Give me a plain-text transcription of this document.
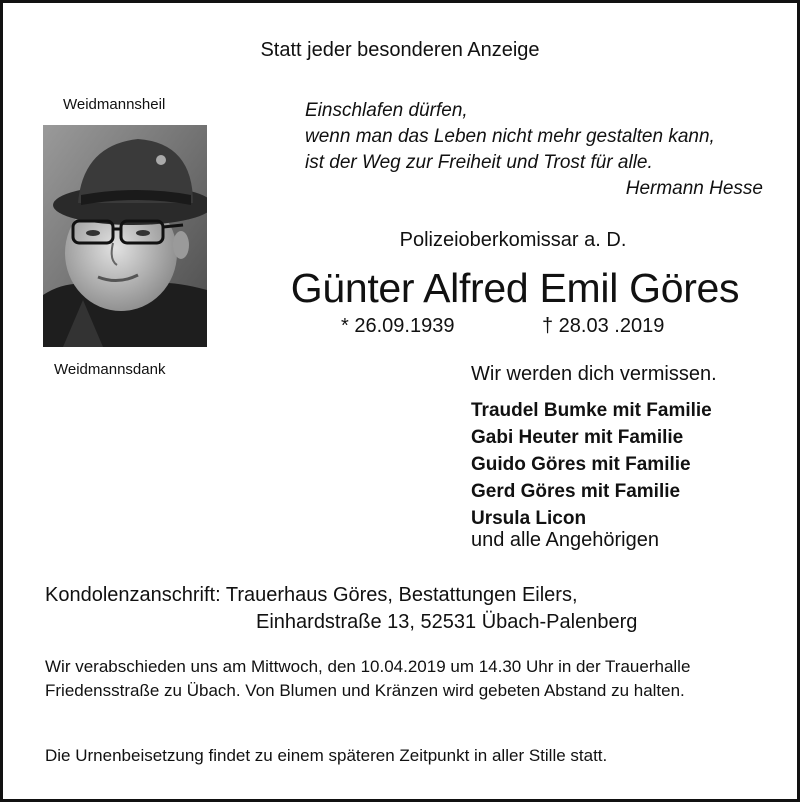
Statt jeder besonderen Anzeige
Weidmannsheil
Weidmannsdank
Einschlafen dürfen,
wenn man das Leben nicht mehr gestalten kann,
ist der Weg zur Freiheit und Trost für alle.
Hermann Hesse
Polizeioberkomissar a. D.
Günter Alfred Emil Göres
* 26.09.1939	† 28.03 .2019
Wir werden dich vermissen.
Traudel Bumke mit Familie
Gabi Heuter mit Familie
Guido Göres mit Familie
Gerd Göres mit Familie
Ursula Licon
und alle Angehörigen
Kondolenzanschrift: Trauerhaus Göres, Bestattungen Eilers,
Einhardstraße 13, 52531 Übach-Palenberg
Wir verabschieden uns am Mittwoch, den 10.04.2019 um 14.30 Uhr in der Trauerhalle Friedensstraße zu Übach. Von Blumen und Kränzen wird gebeten Abstand zu halten.
Die Urnenbeisetzung findet zu einem späteren Zeitpunkt in aller Stille statt.
